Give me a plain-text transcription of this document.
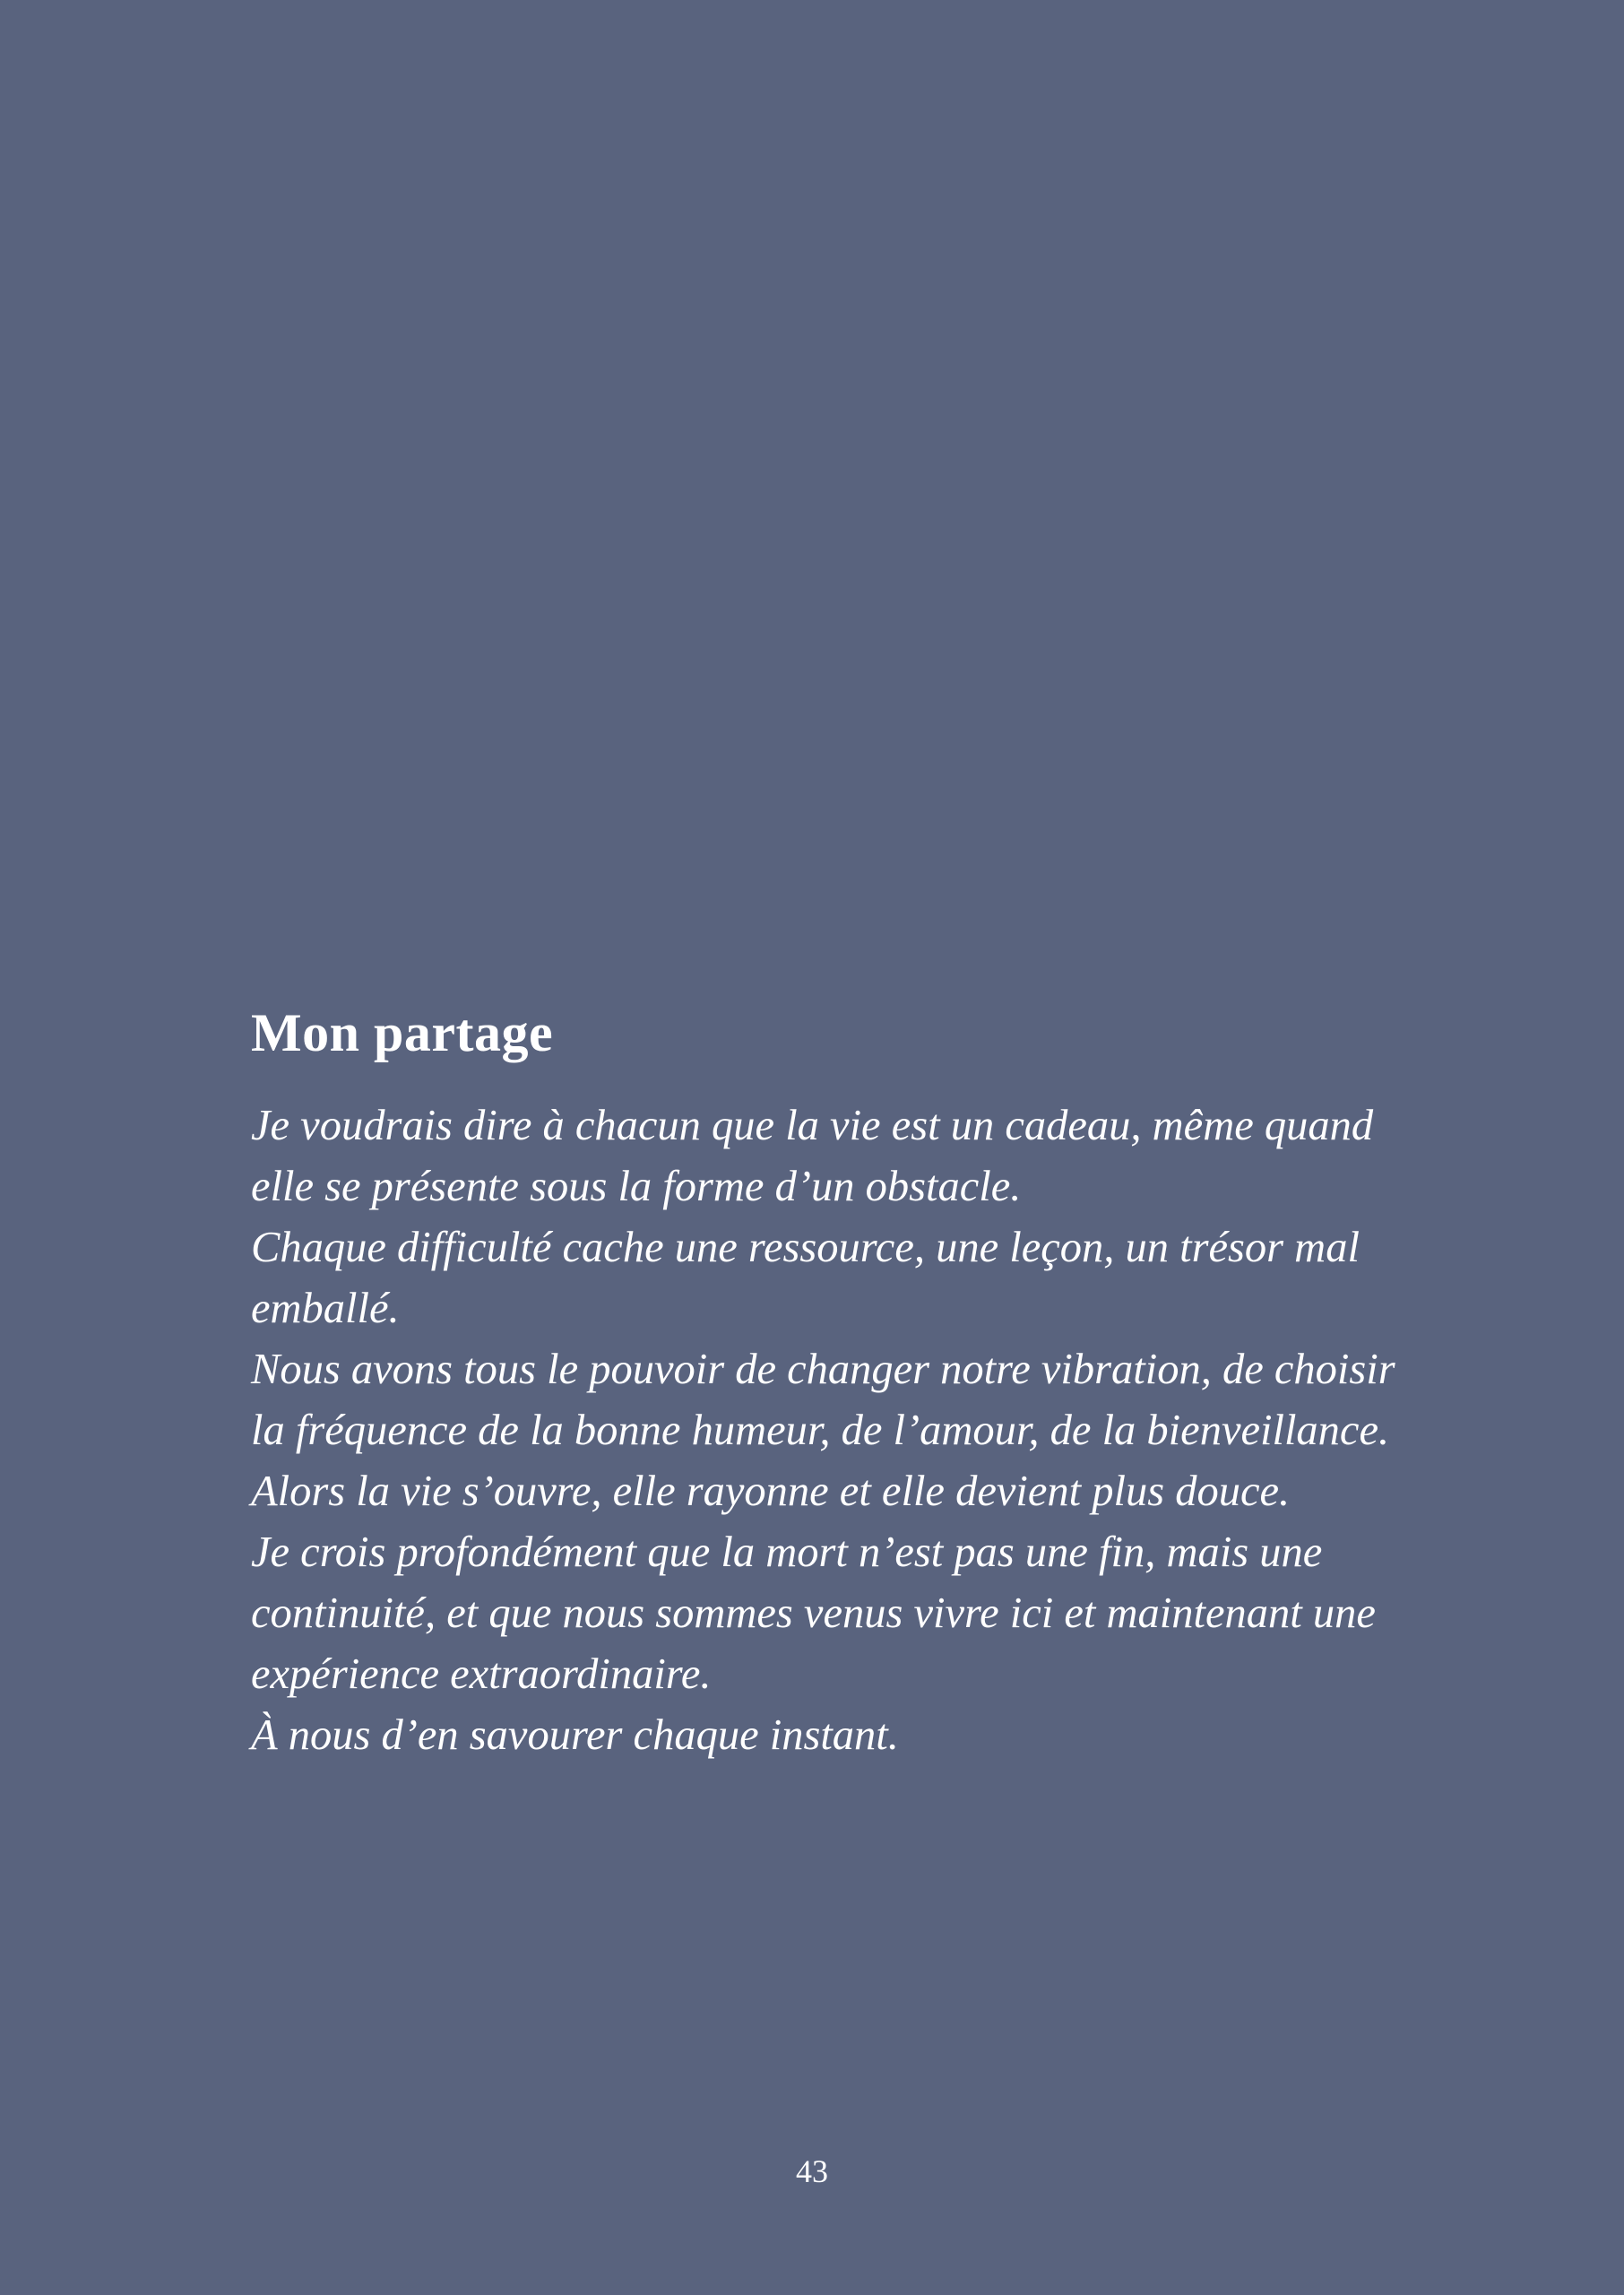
Mon partage

Je voudrais dire à chacun que la vie est un cadeau, même quand
elle se présente sous la forme d’un obstacle.
Chaque difficulté cache une ressource, une leçon, un trésor mal
emballé.
Nous avons tous le pouvoir de changer notre vibration, de choisir
la fréquence de la bonne humeur, de l’amour, de la bienveillance.
Alors la vie s’ouvre, elle rayonne et elle devient plus douce.
Je crois profondément que la mort n’est pas une fin, mais une
continuité, et que nous sommes venus vivre ici et maintenant une
expérience extraordinaire.
À nous d’en savourer chaque instant.

43
